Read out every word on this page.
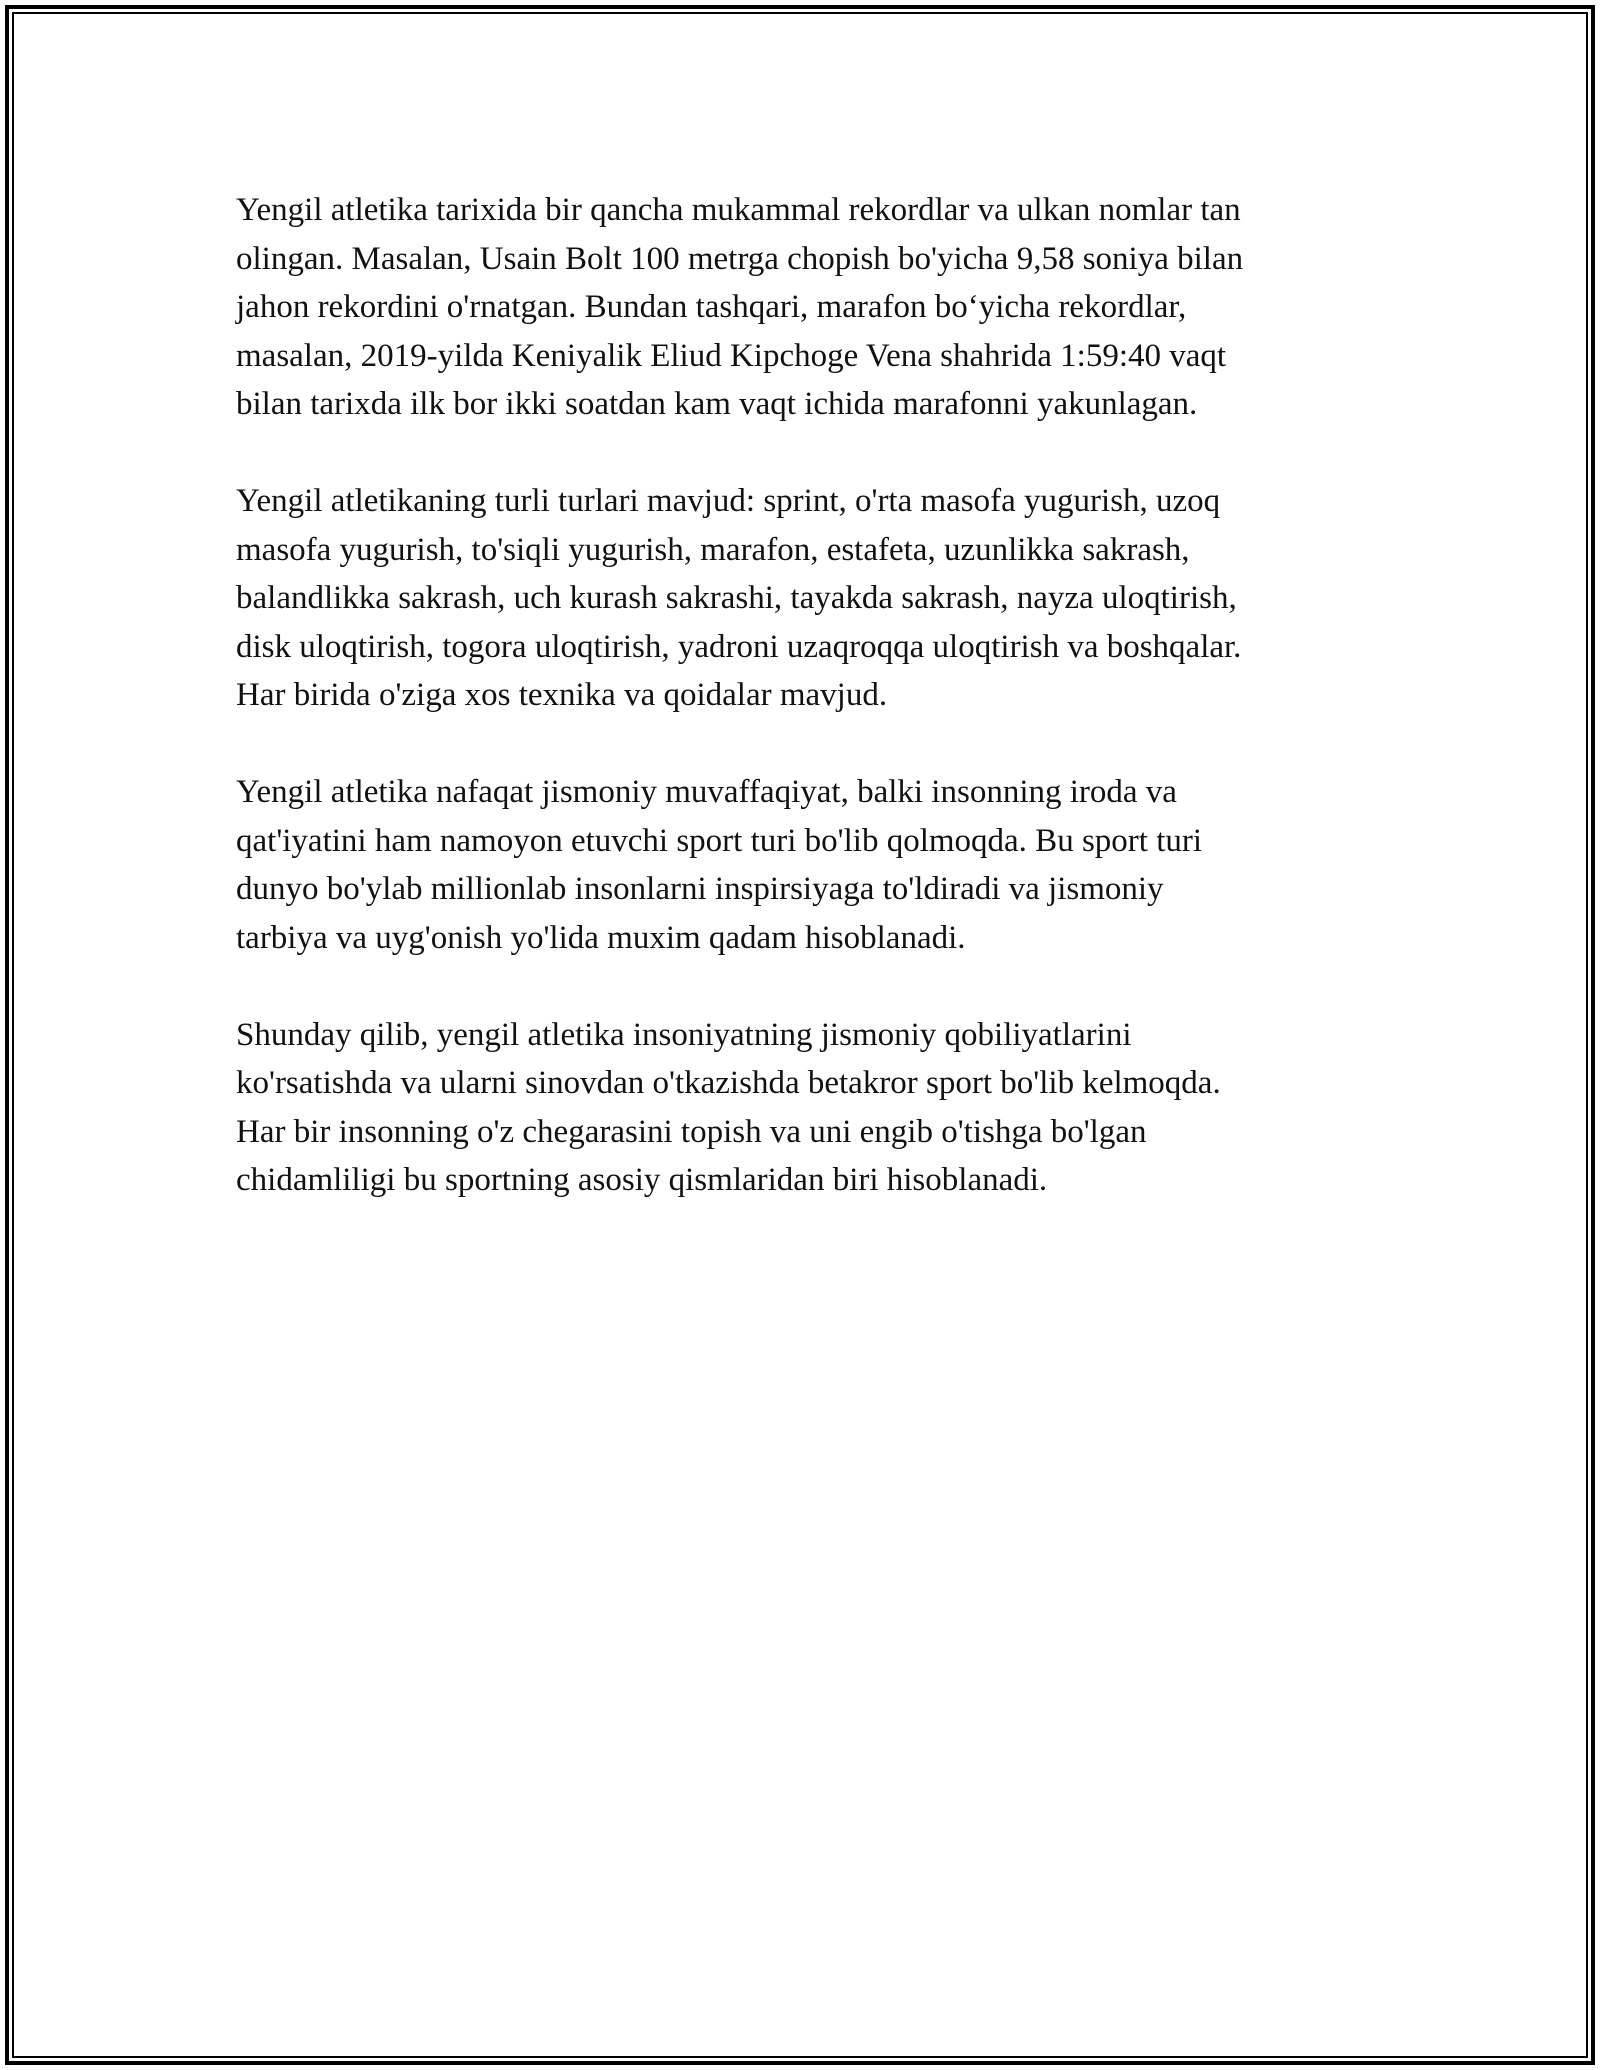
Yengil atletika tarixida bir qancha mukammal rekordlar va ulkan nomlar tan
olingan. Masalan, Usain Bolt 100 metrga chopish bo'yicha 9,58 soniya bilan
jahon rekordini o'rnatgan. Bundan tashqari, marafon bo‘yicha rekordlar,
masalan, 2019-yilda Keniyalik Eliud Kipchoge Vena shahrida 1:59:40 vaqt
bilan tarixda ilk bor ikki soatdan kam vaqt ichida marafonni yakunlagan.

Yengil atletikaning turli turlari mavjud: sprint, o'rta masofa yugurish, uzoq
masofa yugurish, to'siqli yugurish, marafon, estafeta, uzunlikka sakrash,
balandlikka sakrash, uch kurash sakrashi, tayakda sakrash, nayza uloqtirish,
disk uloqtirish, togora uloqtirish, yadroni uzaqroqqa uloqtirish va boshqalar.
Har birida o'ziga xos texnika va qoidalar mavjud.

Yengil atletika nafaqat jismoniy muvaffaqiyat, balki insonning iroda va
qat'iyatini ham namoyon etuvchi sport turi bo'lib qolmoqda. Bu sport turi
dunyo bo'ylab millionlab insonlarni inspirsiyaga to'ldiradi va jismoniy
tarbiya va uyg'onish yo'lida muxim qadam hisoblanadi.

Shunday qilib, yengil atletika insoniyatning jismoniy qobiliyatlarini
ko'rsatishda va ularni sinovdan o'tkazishda betakror sport bo'lib kelmoqda.
Har bir insonning o'z chegarasini topish va uni engib o'tishga bo'lgan
chidamliligi bu sportning asosiy qismlaridan biri hisoblanadi.
